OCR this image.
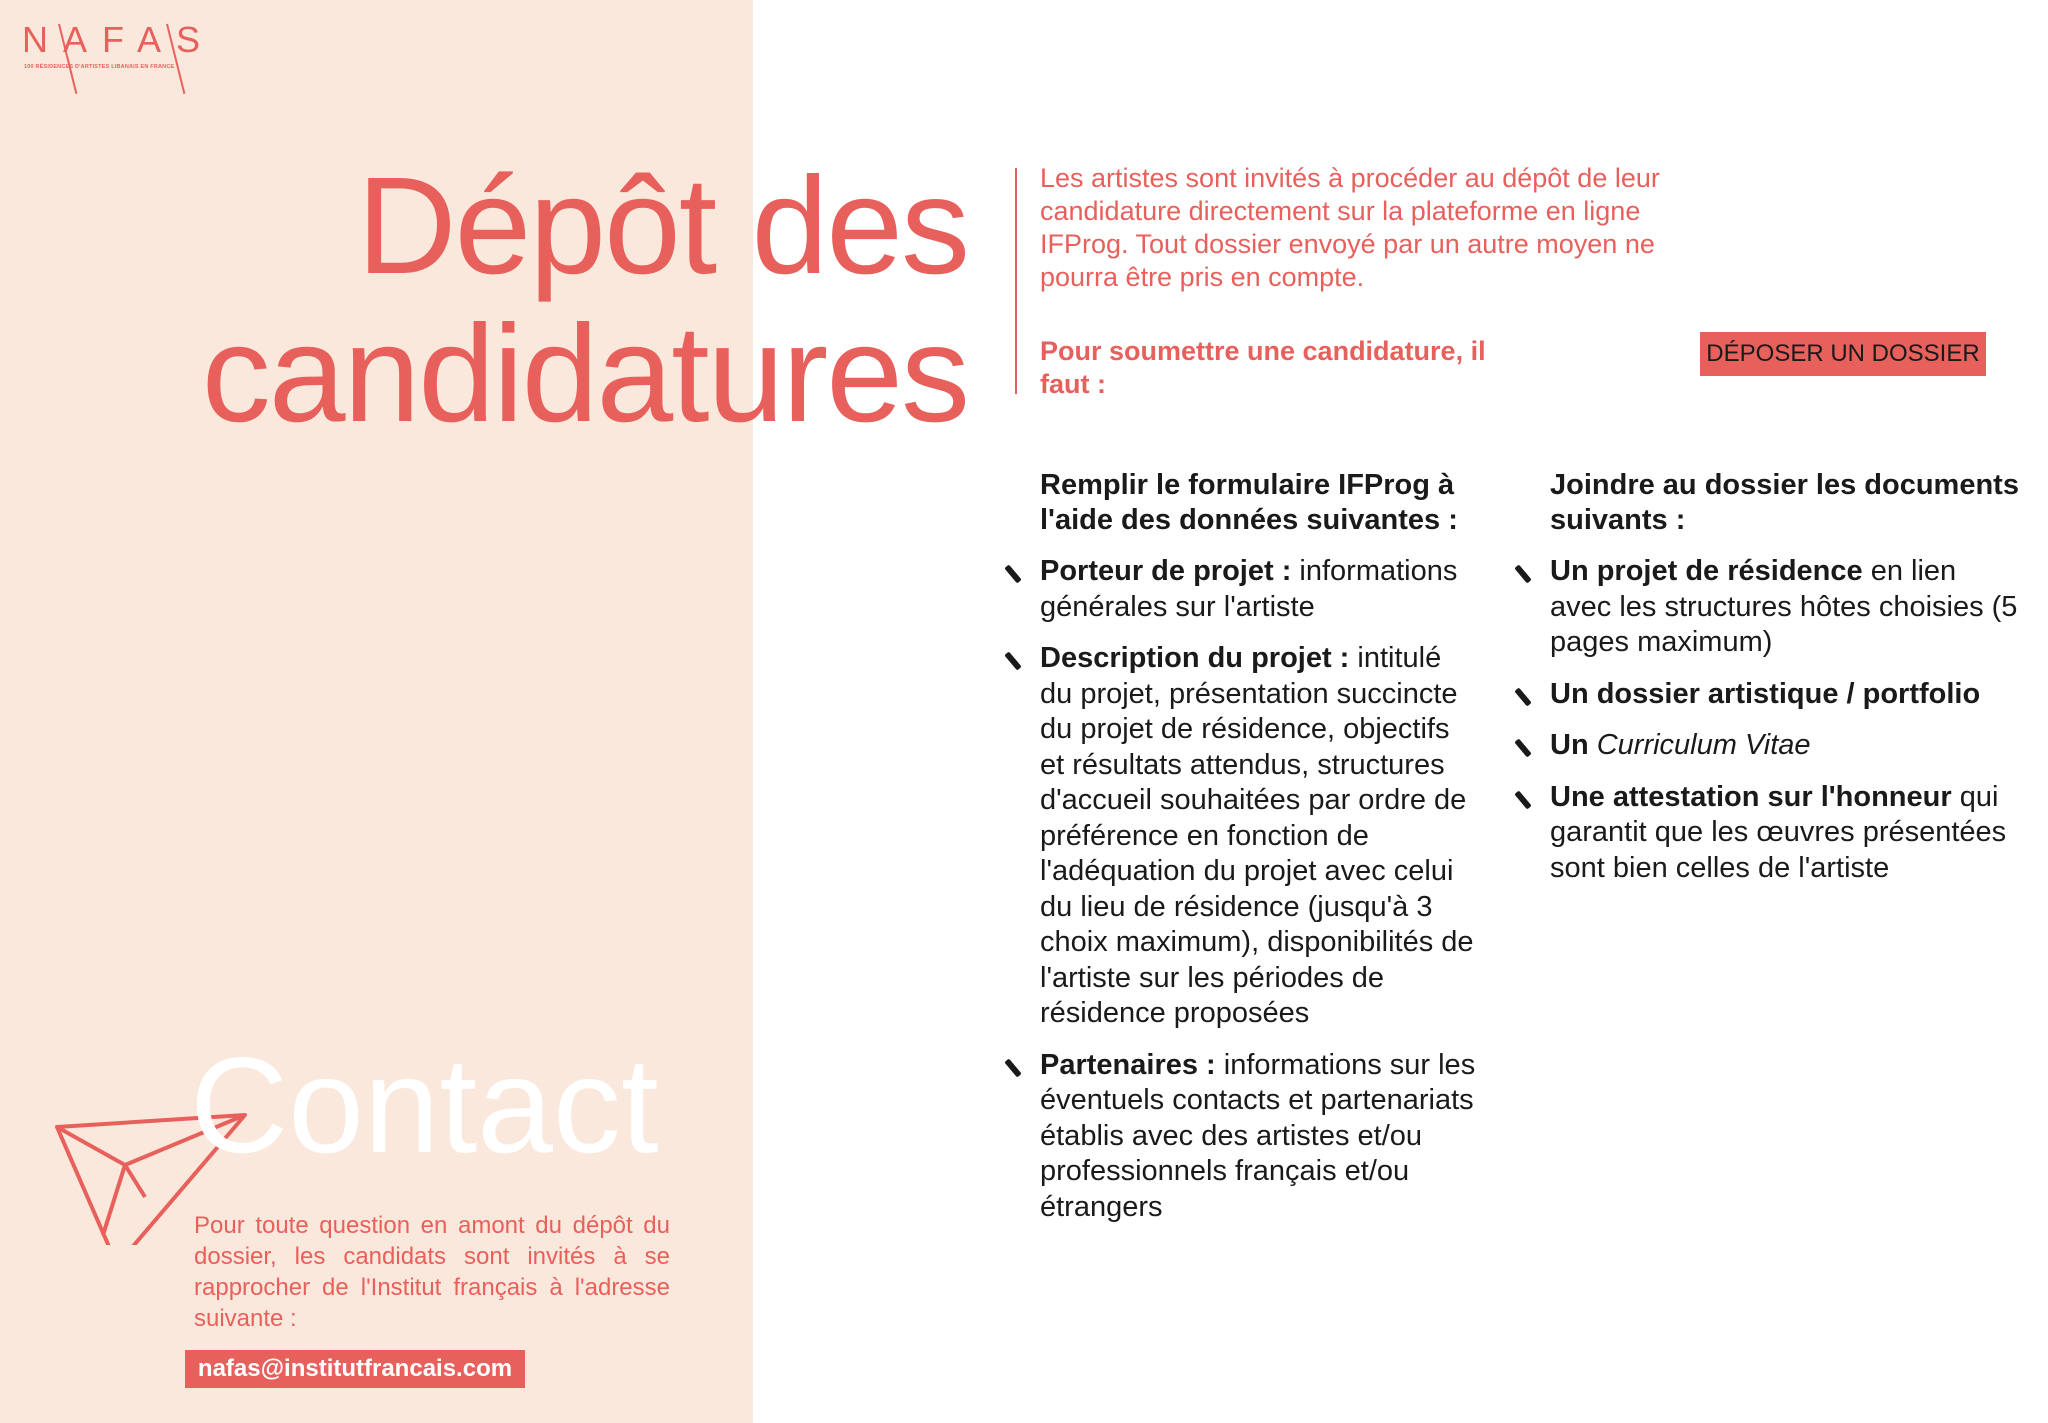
NAFAS
100 RÉSIDENCES D'ARTISTES LIBANAIS EN FRANCE
Dépôt des
candidatures

Les artistes sont invités à procéder au dépôt de leur candidature directement sur la plateforme en ligne IFProg. Tout dossier envoyé par un autre moyen ne pourra être pris en compte.

Pour soumettre une candidature, il faut :

DÉPOSER UN DOSSIER

Remplir le formulaire IFProg à l'aide des données suivantes :

Porteur de projet : informations générales sur l'artiste
Description du projet : intitulé du projet, présentation succincte du projet de résidence, objectifs et résultats attendus, structures d'accueil souhaitées par ordre de préférence en fonction de l'adéquation du projet avec celui du lieu de résidence (jusqu'à 3 choix maximum), disponibilités de l'artiste sur les périodes de résidence proposées
Partenaires : informations sur les éventuels contacts et partenariats établis avec des artistes et/ou professionnels français et/ou étrangers

Joindre au dossier les documents suivants :

Un projet de résidence en lien avec les structures hôtes choisies (5 pages maximum)
Un dossier artistique / portfolio
Un Curriculum Vitae
Une attestation sur l'honneur qui garantit que les œuvres présentées sont bien celles de l'artiste
Contact

Pour toute question en amont du dépôt du dossier, les candidats sont invités à se rapprocher de l'Institut français à l'adresse suivante :

nafas@institutfrancais.com
